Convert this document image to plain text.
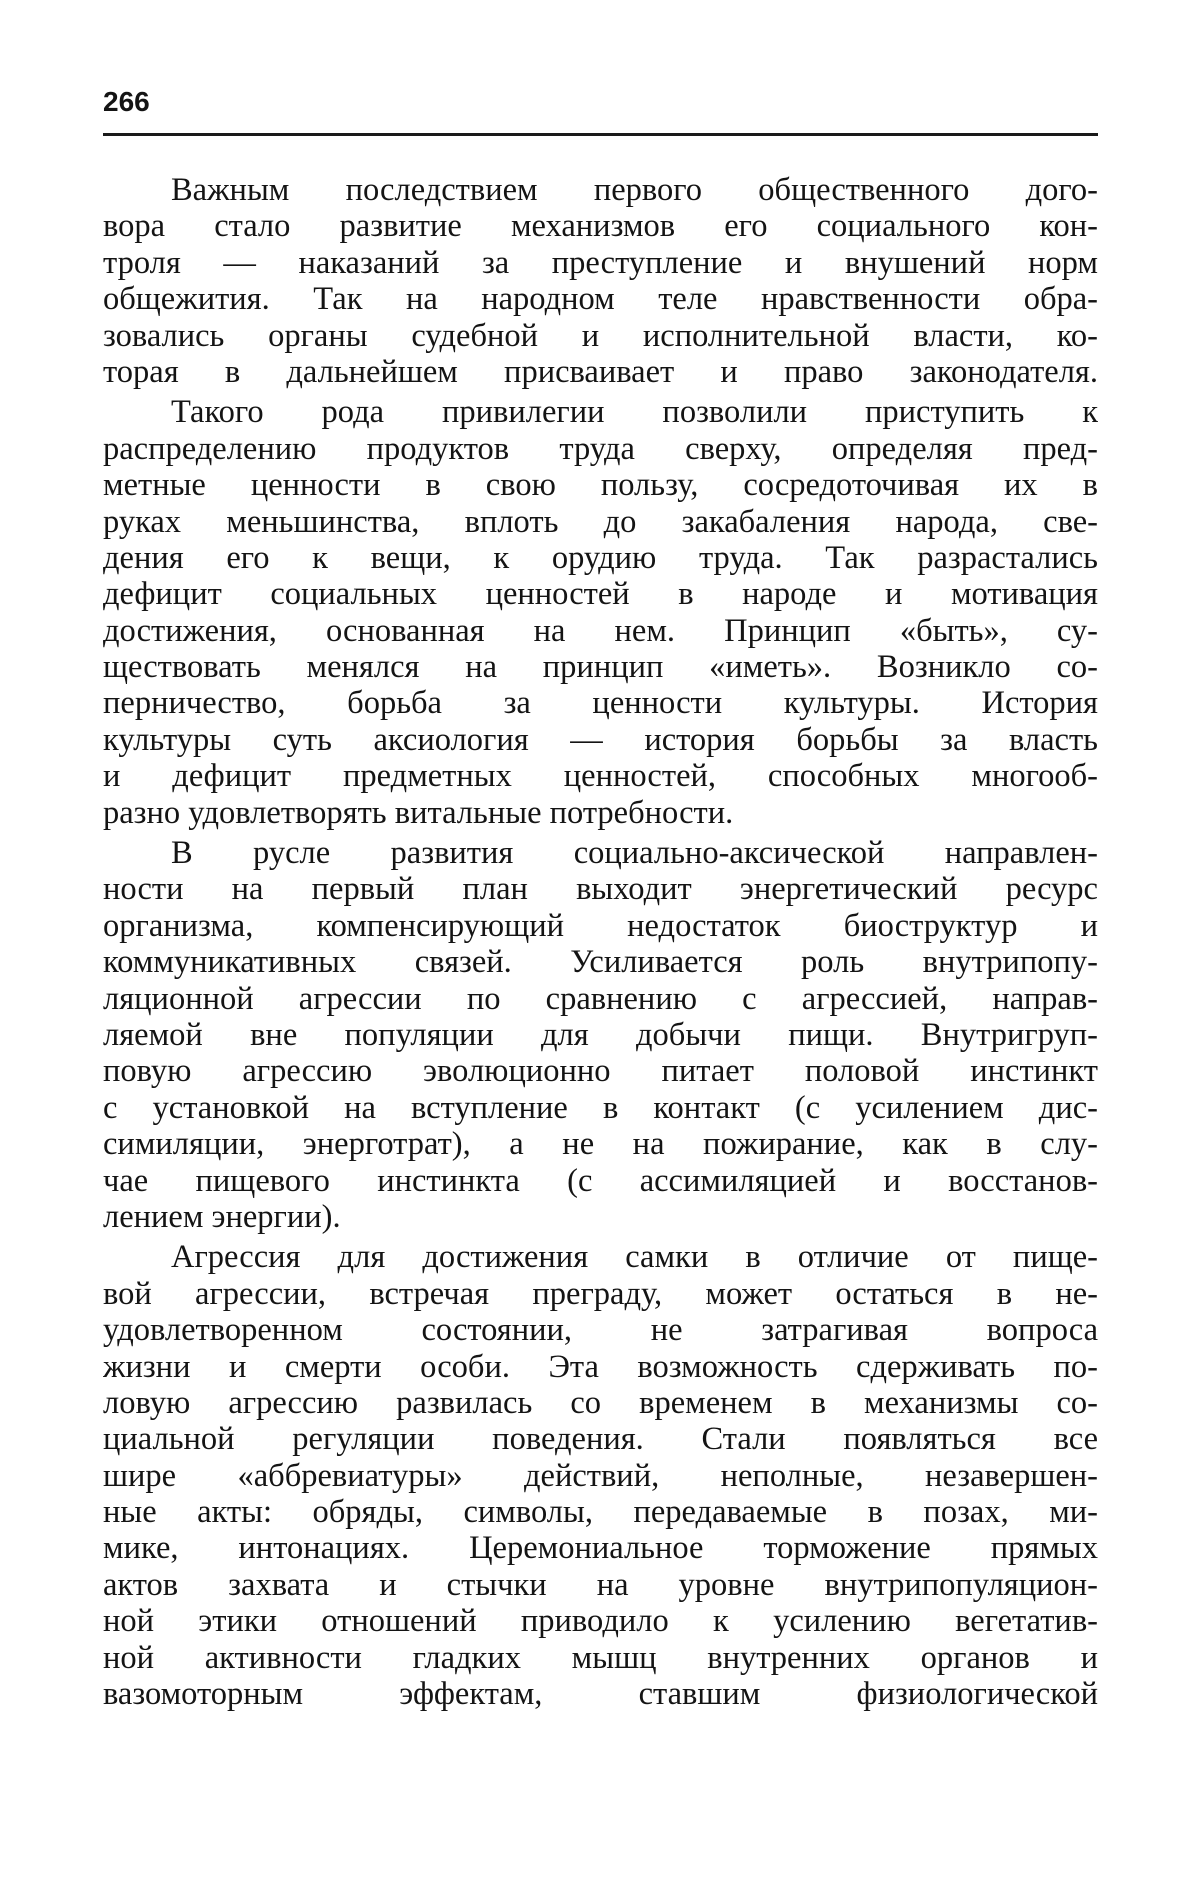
266
Важным последствием первого общественного дого-
вора стало развитие механизмов его социального кон-
троля — наказаний за преступление и внушений норм
общежития. Так на народном теле нравственности обра-
зовались органы судебной и исполнительной власти, ко-
торая в дальнейшем присваивает и право законодателя.
Такого рода привилегии позволили приступить к
распределению продуктов труда сверху, определяя пред-
метные ценности в свою пользу, сосредоточивая их в
руках меньшинства, вплоть до закабаления народа, све-
дения его к вещи, к орудию труда. Так разрастались
дефицит социальных ценностей в народе и мотивация
достижения, основанная на нем. Принцип «быть», су-
ществовать менялся на принцип «иметь». Возникло со-
перничество, борьба за ценности культуры. История
культуры суть аксиология — история борьбы за власть
и дефицит предметных ценностей, способных многооб-
разно удовлетворять витальные потребности.
В русле развития социально-аксической направлен-
ности на первый план выходит энергетический ресурс
организма, компенсирующий недостаток биоструктур и
коммуникативных связей. Усиливается роль внутрипопу-
ляционной агрессии по сравнению с агрессией, направ-
ляемой вне популяции для добычи пищи. Внутригруп-
повую агрессию эволюционно питает половой инстинкт
с установкой на вступление в контакт (с усилением дис-
симиляции, энерготрат), а не на пожирание, как в слу-
чае пищевого инстинкта (с ассимиляцией и восстанов-
лением энергии).
Агрессия для достижения самки в отличие от пище-
вой агрессии, встречая преграду, может остаться в не-
удовлетворенном состоянии, не затрагивая вопроса
жизни и смерти особи. Эта возможность сдерживать по-
ловую агрессию развилась со временем в механизмы со-
циальной регуляции поведения. Стали появляться все
шире «аббревиатуры» действий, неполные, незавершен-
ные акты: обряды, символы, передаваемые в позах, ми-
мике, интонациях. Церемониальное торможение прямых
актов захвата и стычки на уровне внутрипопуляцион-
ной этики отношений приводило к усилению вегетатив-
ной активности гладких мышц внутренних органов и
вазомоторным эффектам, ставшим физиологической
